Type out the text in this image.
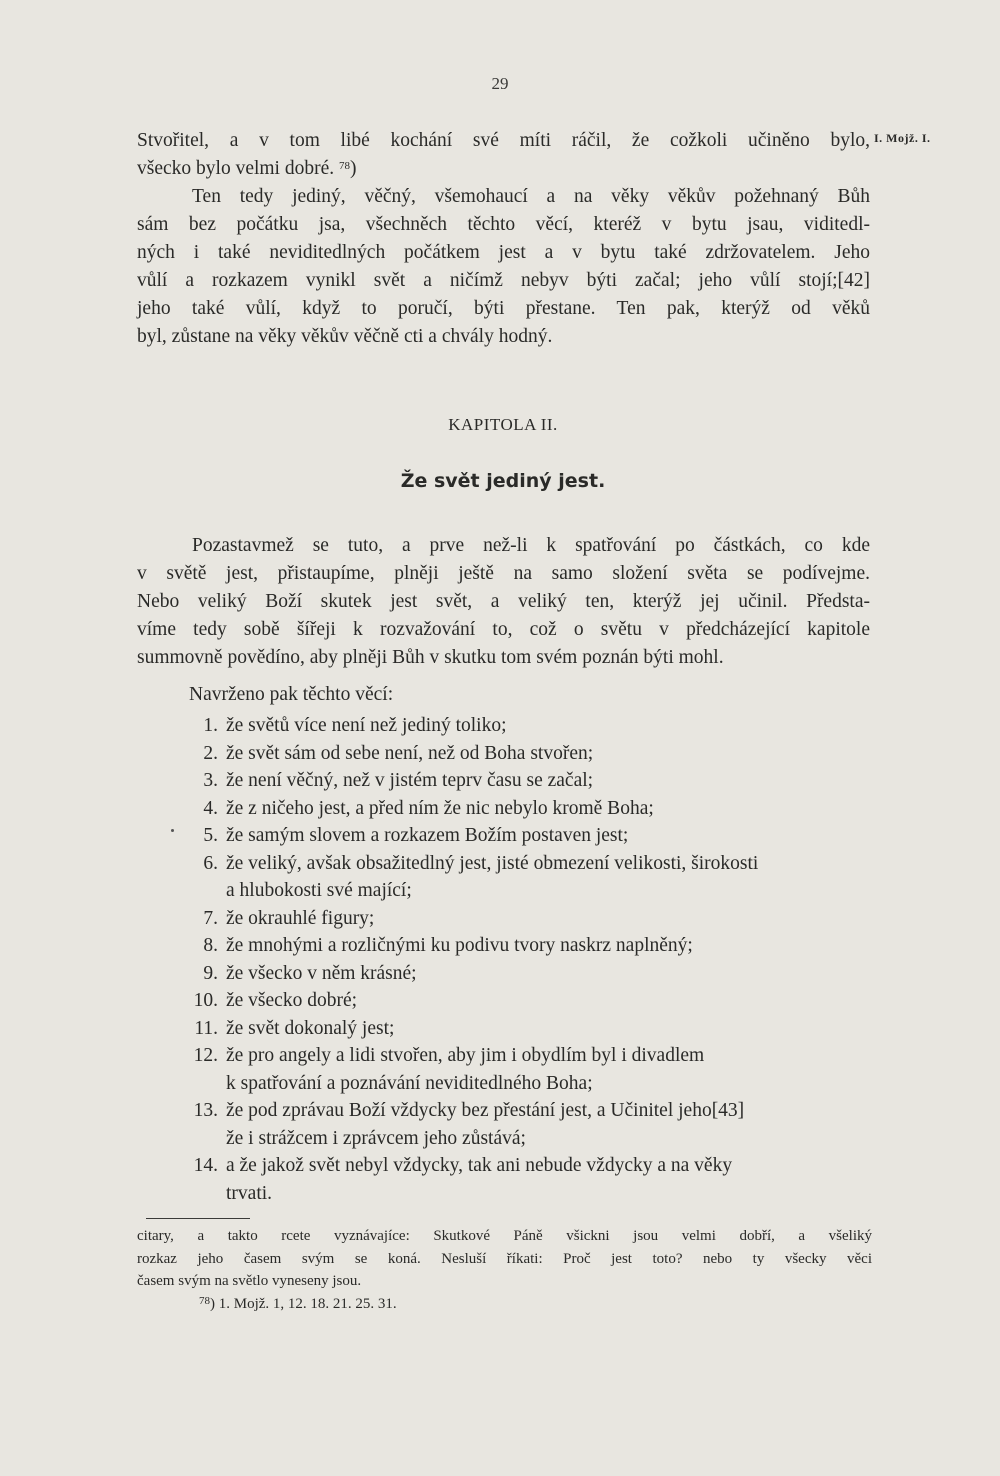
29
I. Mojž. I.
Stvořitel, a v tom libé kochání své míti ráčil, že cožkoli učiněno bylo,
všecko bylo velmi dobré. $^{78}$)
Ten tedy jediný, věčný, všemohaucí a na věky věkův požehnaný Bůh
sám bez počátku jsa, všechněch těchto věcí, kteréž v bytu jsau, viditedl-
ných i také neviditedlných počátkem jest a v bytu také zdržovatelem. Jeho
vůlí a rozkazem vynikl svět a ničímž nebyv býti začal; jeho vůlí stojí;[42]
jeho také vůlí, když to poručí, býti přestane. Ten pak, kterýž od věků
byl, zůstane na věky věkův věčně cti a chvály hodný.
KAPITOLA II.
Že svět jediný jest.
Pozastavmež se tuto, a prve než-li k spatřování po částkách, co kde
v světě jest, přistaupíme, plněji ještě na samo složení světa se podívejme.
Nebo veliký Boží skutek jest svět, a veliký ten, kterýž jej učinil. Předsta-
víme tedy sobě šířeji k rozvažování to, což o světu v předcházející kapitole
summovně povědíno, aby plněji Bůh v skutku tom svém poznán býti mohl.
Navrženo pak těchto věcí:
1. že světů více není než jediný toliko;
2. že svět sám od sebe není, než od Boha stvořen;
3. že není věčný, než v jistém teprv času se začal;
4. že z ničeho jest, a před ním že nic nebylo kromě Boha;
5. že samým slovem a rozkazem Božím postaven jest;
6. že veliký, avšak obsažitedlný jest, jisté obmezení velikosti, širokosti
a hlubokosti své mající;
7. že okrauhlé figury;
8. že mnohými a rozličnými ku podivu tvory naskrz naplněný;
9. že všecko v něm krásné;
10. že všecko dobré;
11. že svět dokonalý jest;
12. že pro angely a lidi stvořen, aby jim i obydlím byl i divadlem
k spatřování a poznávání neviditedlného Boha;
13. že pod zprávau Boží vždycky bez přestání jest, a Učinitel jeho[43]
že i strážcem i zprávcem jeho zůstává;
14. a že jakož svět nebyl vždycky, tak ani nebude vždycky a na věky
trvati.
citary, a takto rcete vyznávajíce: Skutkové Páně všickni jsou velmi dobří, a všeliký
rozkaz jeho časem svým se koná. Nesluší říkati: Proč jest toto? nebo ty všecky věci
časem svým na světlo vyneseny jsou.
$^{78}$) 1. Mojž. 1, 12. 18. 21. 25. 31.
